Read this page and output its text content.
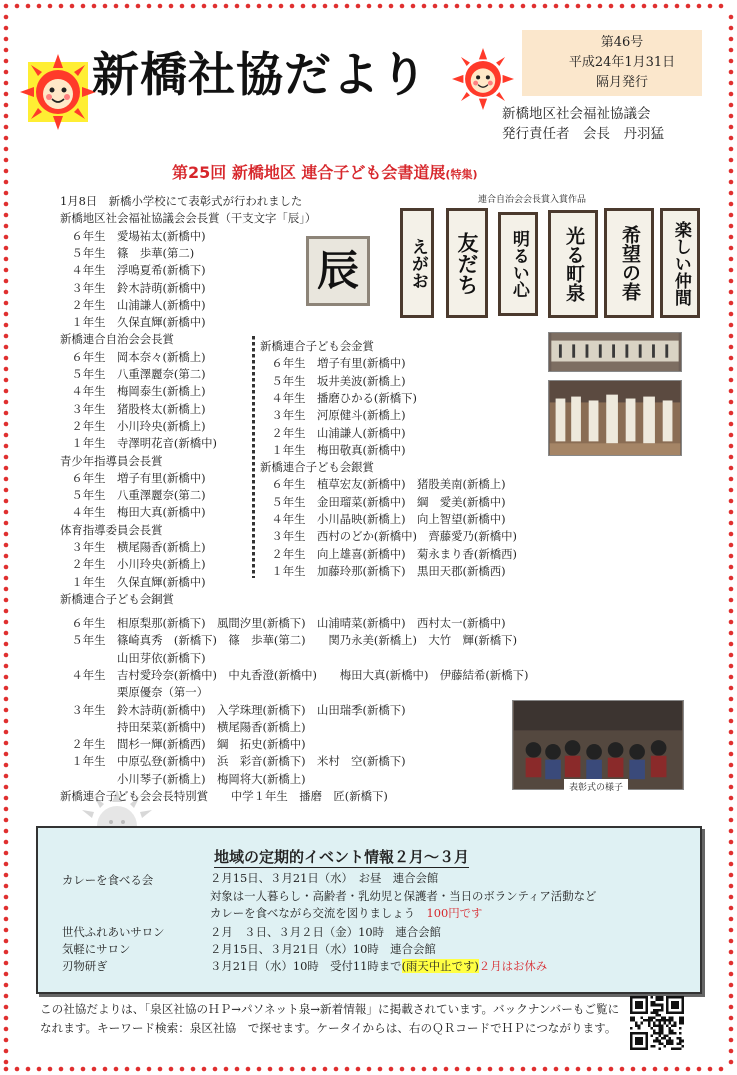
新橋社協だより
第46号
平成24年1月31日
隔月発行
新橋地区社会福祉協議会
発行責任者　会長　丹羽猛
第25回 新橋地区 連合子ども会書道展(特集)
連合自治会会長賞入賞作品
辰	えがお 友だち 明るい心 光る町泉 希望の春 楽しい仲間
表彰式の様子
1月8日　新橋小学校にて表彰式が行われました
新橋地区社会福祉協議会会長賞（干支文字「辰」）
　６年生　愛場祐太(新橋中)
　５年生　篠　歩華(第二)
　４年生　浮鳴夏希(新橋下)
　３年生　鈴木詩萌(新橋中)
　２年生　山浦謙人(新橋中)
　１年生　久保直輝(新橋中)
新橋連合自治会会長賞
　６年生　岡本奈々(新橋上)
　５年生　八重澤麗奈(第二)
　４年生　梅岡泰生(新橋上)
　３年生　猪股柊太(新橋上)
　２年生　小川玲央(新橋上)
　１年生　寺澤明花音(新橋中)
青少年指導員会長賞
　６年生　増子有里(新橋中)
　５年生　八重澤麗奈(第二)
　４年生　梅田大真(新橋中)
体育指導委員会長賞
　３年生　横尾陽香(新橋上)
　２年生　小川玲央(新橋上)
　１年生　久保直輝(新橋中)
新橋連合子ども会銅賞
新橋連合子ども会金賞
　６年生　増子有里(新橋中)
　５年生　坂井美波(新橋上)
　４年生　播磨ひかる(新橋下)
　３年生　河原健斗(新橋上)
　２年生　山浦謙人(新橋中)
　１年生　梅田敬真(新橋中)
新橋連合子ども会銀賞
　６年生　植草宏友(新橋中)　猪股美南(新橋上)
　５年生　金田瑠菜(新橋中)　綱　愛美(新橋中)
　４年生　小川晶映(新橋上)　向上智望(新橋中)
　３年生　西村のどか(新橋中)　齊藤愛乃(新橋中)
　２年生　向上雄喜(新橋中)　菊永まり香(新橋西)
　１年生　加藤玲那(新橋下)　黒田天郡(新橋西)
　６年生　相原梨那(新橋下)　風間汐里(新橋下)　山浦晴菜(新橋中)　西村太一(新橋中)
　５年生　篠崎真秀　(新橋下)　篠　歩華(第二)　　関乃永美(新橋上)　大竹　輝(新橋下)
　　　　　山田芽依(新橋下)
　４年生　吉村愛玲奈(新橋中)　中丸香澄(新橋中)　　梅田大真(新橋中)　伊藤結希(新橋下)
　　　　　栗原優奈（第一）
　３年生　鈴木詩萌(新橋中)　入学珠理(新橋下)　山田瑞季(新橋下)
　　　　　持田栞菜(新橋中)　横尾陽香(新橋上)
　２年生　間杉一輝(新橋西)　綱　拓史(新橋中)
　１年生　中原弘登(新橋中)　浜　彩音(新橋下)　米村　空(新橋下)
　　　　　小川琴子(新橋上)　梅岡将大(新橋上)
新橋連合子ども会会長特別賞　　中学１年生　播磨　匠(新橋下)
地域の定期的イベント情報２月～３月
カレーを食べる会	２月15日、３月21日（水）　お昼　連合会館
対象は一人暮らし・高齢者・乳幼児と保護者・当日のボランティア活動など
カレーを食べながら交流を図りましょう　 100円です
世代ふれあいサロン	２月　３日、３月２日（金）10時　連合会館
気軽にサロン	２月15日、３月21日（水）10時　連合会館
刃物研ぎ	３月21日（水）10時　受付11時まで(雨天中止です)２月はお休み
この社協だよりは、「泉区社協のＨＰ→パソネット泉→新着情報」に掲載されています。バックナンバーもご覧になれます。キーワード検索：泉区社協　で探せます。ケータイからは、右のＱＲコードでＨＰにつながります。
